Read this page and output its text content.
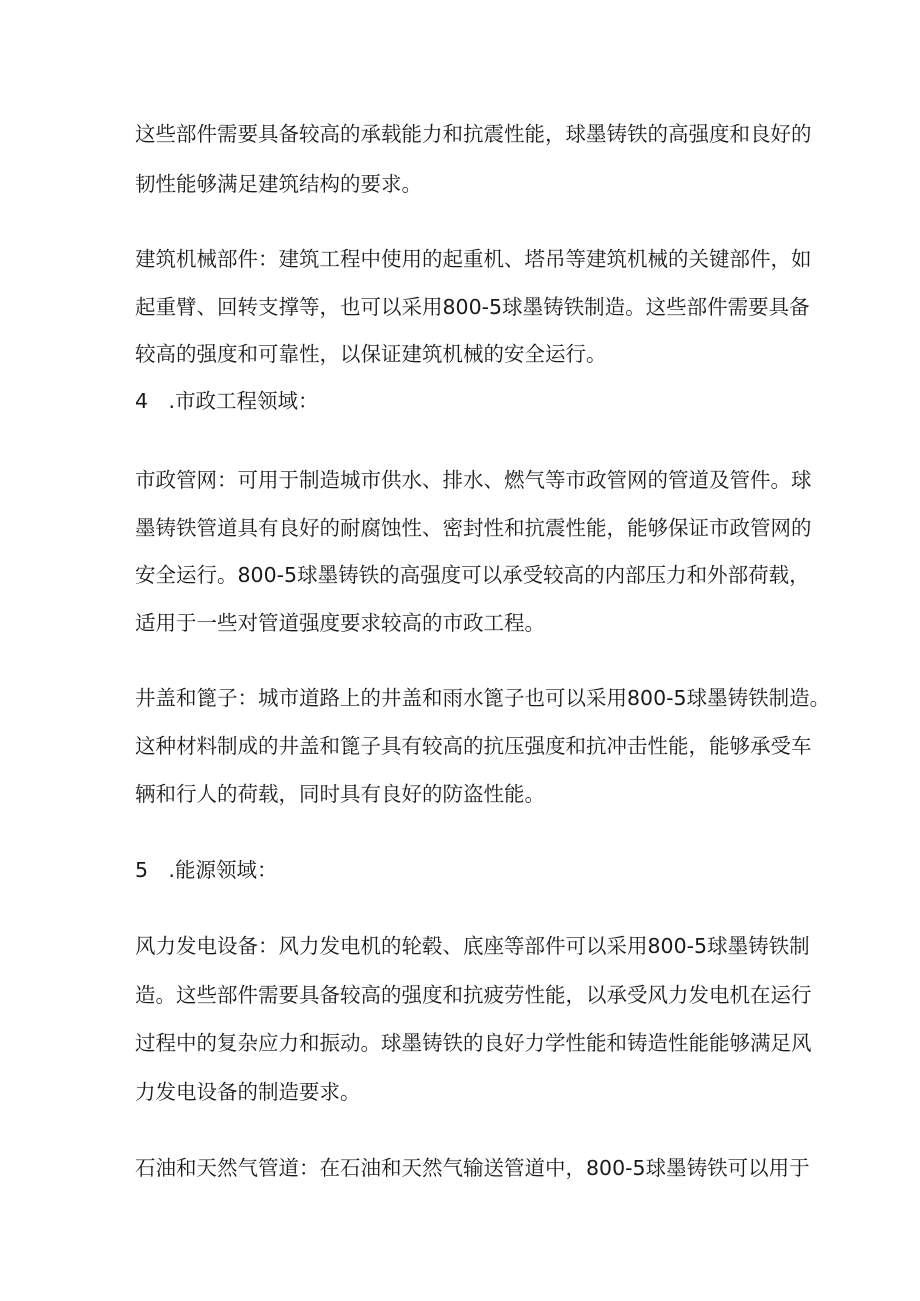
这些部件需要具备较高的承载能力和抗震性能，球墨铸铁的高强度和良好的
韧性能够满足建筑结构的要求。
建筑机械部件：建筑工程中使用的起重机、塔吊等建筑机械的关键部件，如
起重臂、回转支撑等，也可以采用800-5球墨铸铁制造。这些部件需要具备
较高的强度和可靠性，以保证建筑机械的安全运行。
4　.市政工程领域：
市政管网：可用于制造城市供水、排水、燃气等市政管网的管道及管件。球
墨铸铁管道具有良好的耐腐蚀性、密封性和抗震性能，能够保证市政管网的
安全运行。800-5球墨铸铁的高强度可以承受较高的内部压力和外部荷载，
适用于一些对管道强度要求较高的市政工程。
井盖和篦子：城市道路上的井盖和雨水篦子也可以采用800-5球墨铸铁制造。
这种材料制成的井盖和篦子具有较高的抗压强度和抗冲击性能，能够承受车
辆和行人的荷载，同时具有良好的防盗性能。
5　.能源领域：
风力发电设备：风力发电机的轮毂、底座等部件可以采用800-5球墨铸铁制
造。这些部件需要具备较高的强度和抗疲劳性能，以承受风力发电机在运行
过程中的复杂应力和振动。球墨铸铁的良好力学性能和铸造性能能够满足风
力发电设备的制造要求。
石油和天然气管道：在石油和天然气输送管道中，800-5球墨铸铁可以用于
